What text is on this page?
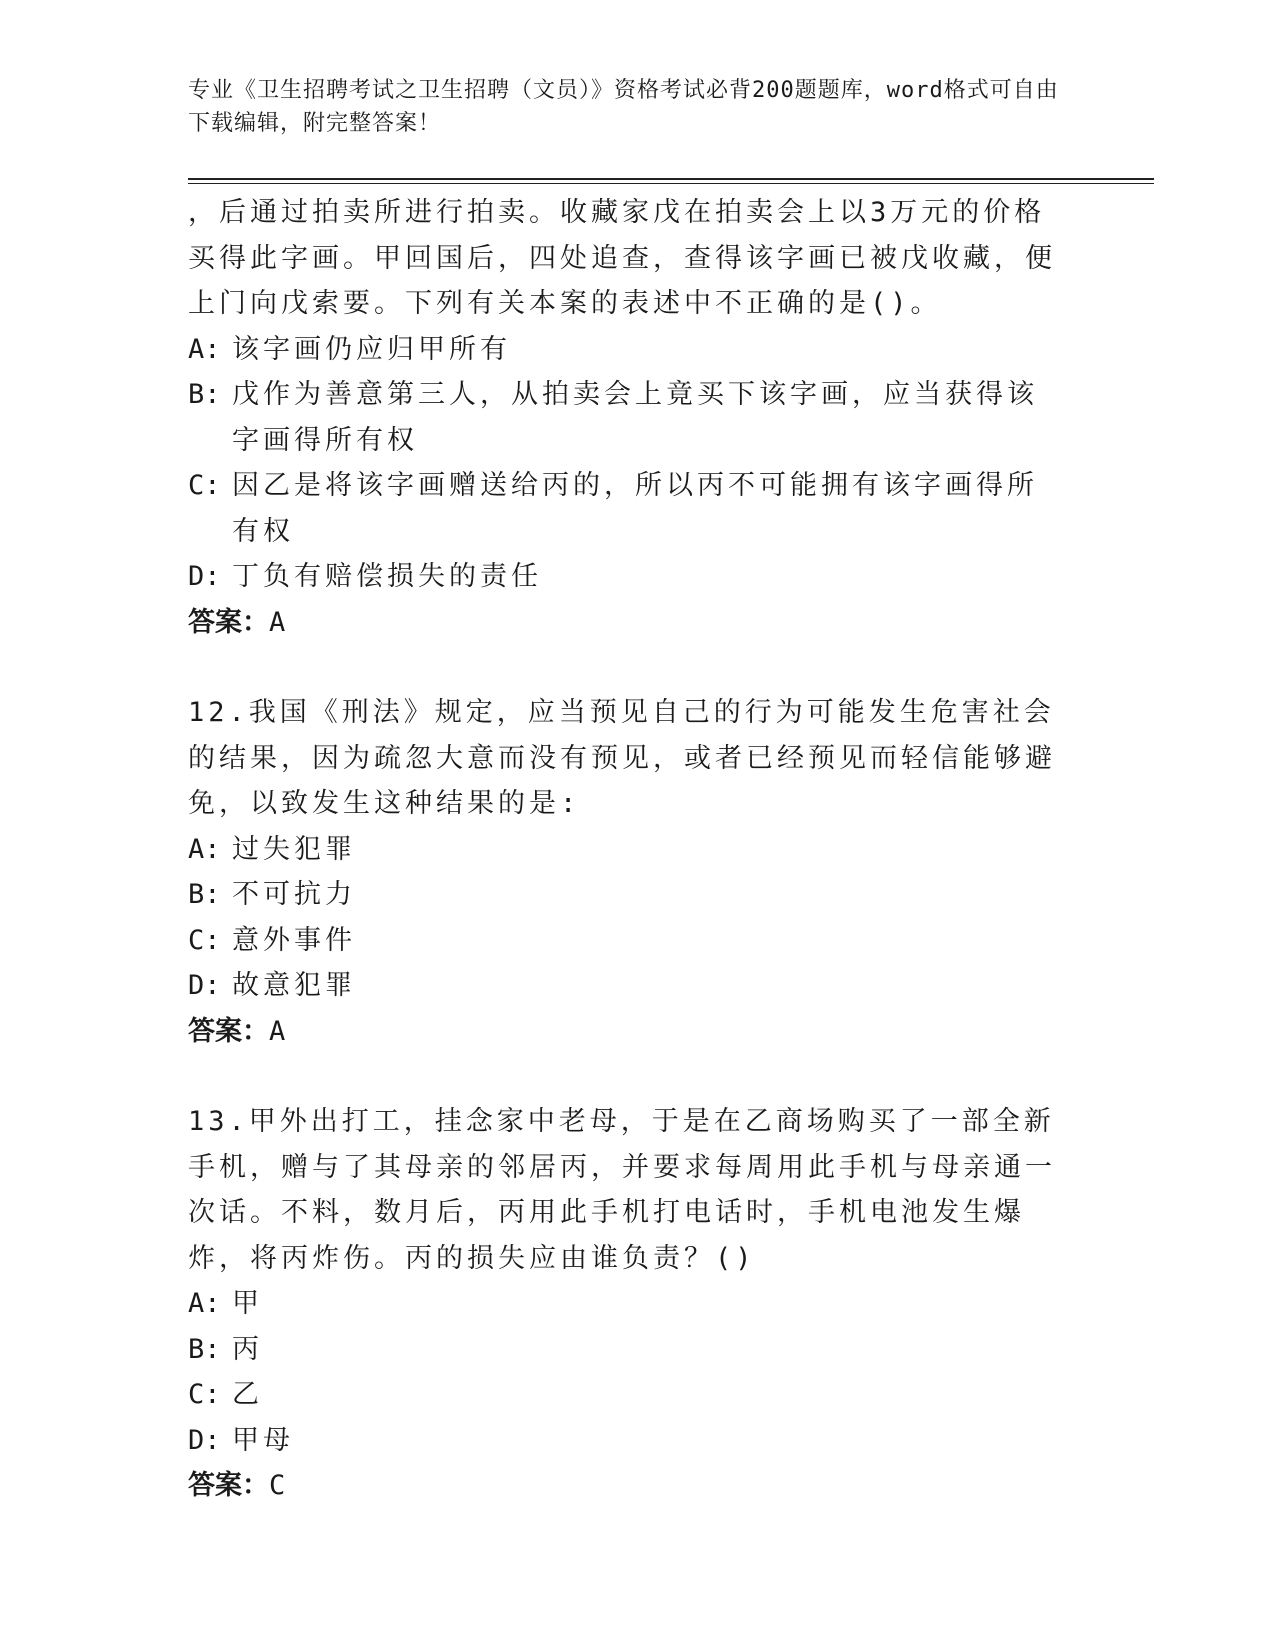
专业《卫生招聘考试之卫生招聘（文员）》资格考试必背200题题库，word格式可自由下载编辑，附完整答案！
，后通过拍卖所进行拍卖。收藏家戊在拍卖会上以3万元的价格买得此字画。甲回国后，四处追查，查得该字画已被戊收藏，便上门向戊索要。下列有关本案的表述中不正确的是()。
A: 该字画仍应归甲所有
B: 戊作为善意第三人，从拍卖会上竟买下该字画，应当获得该字画得所有权
C: 因乙是将该字画赠送给丙的，所以丙不可能拥有该字画得所有权
D: 丁负有赔偿损失的责任
答案：A
12.我国《刑法》规定，应当预见自己的行为可能发生危害社会的结果，因为疏忽大意而没有预见，或者已经预见而轻信能够避免，以致发生这种结果的是:
A: 过失犯罪
B: 不可抗力
C: 意外事件
D: 故意犯罪
答案：A
13.甲外出打工，挂念家中老母，于是在乙商场购买了一部全新手机，赠与了其母亲的邻居丙，并要求每周用此手机与母亲通一次话。不料，数月后，丙用此手机打电话时，手机电池发生爆炸，将丙炸伤。丙的损失应由谁负责？()
A: 甲
B: 丙
C: 乙
D: 甲母
答案：C
